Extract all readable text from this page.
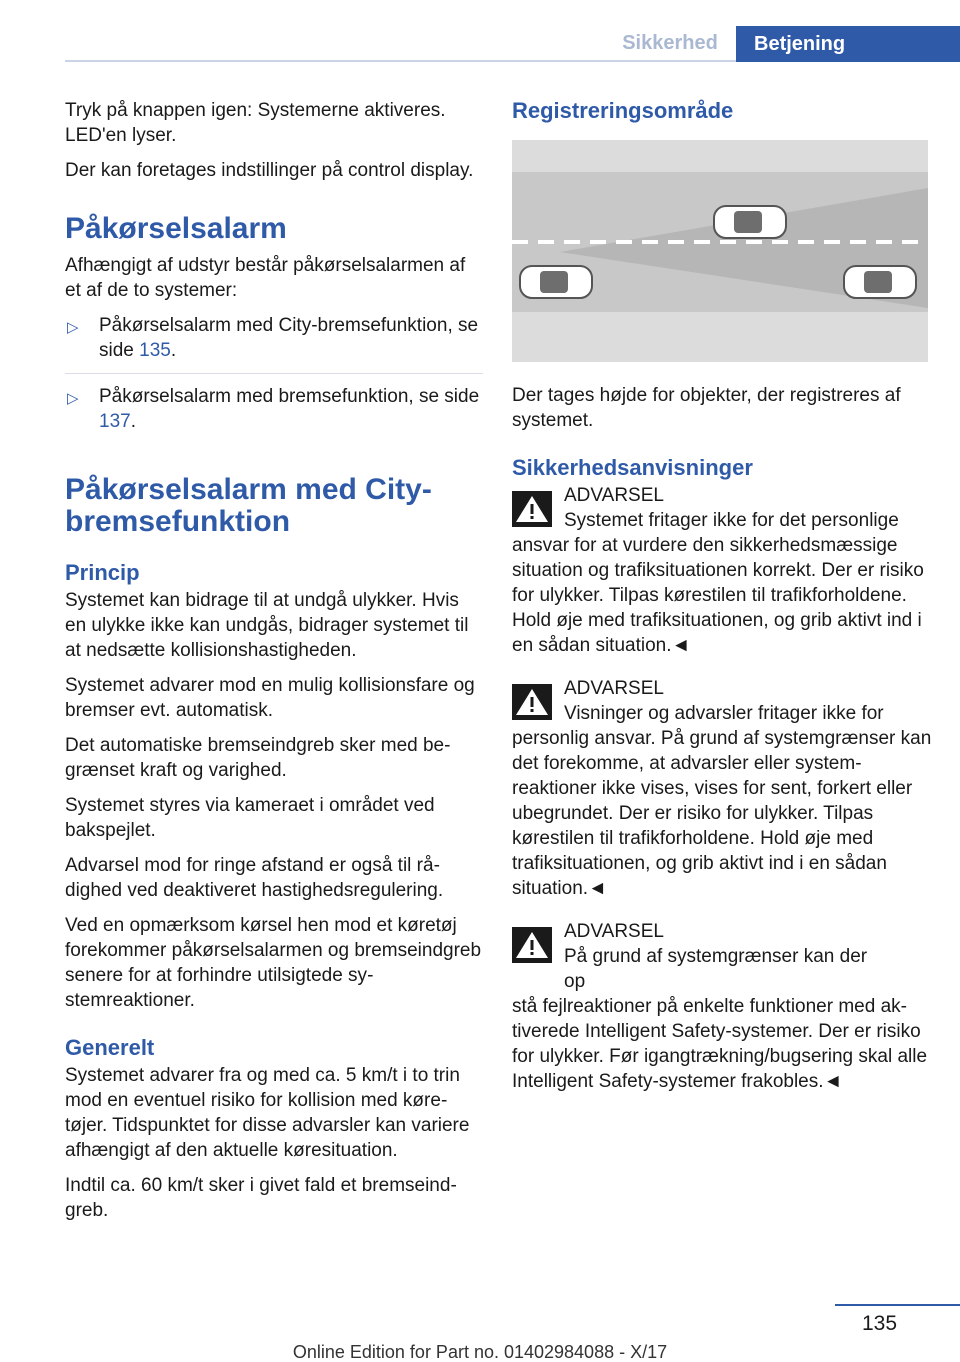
Sikkerhed	Betjening

Tryk på knappen igen: Systemerne aktiveres. LED'en lyser.

Der kan foretages indstillinger på control display.

Påkørselsalarm

Afhængigt af udstyr består påkørselsalarmen af et af de to systemer:

▷ Påkørselsalarm med City-bremsefunktion, se side 135.
▷ Påkørselsalarm med bremsefunktion, se side 137.
Påkørselsalarm med City-bremsefunktion
Princip

Systemet kan bidrage til at undgå ulykker. Hvis en ulykke ikke kan undgås, bidrager systemet til at nedsætte kollisionshastigheden.

Systemet advarer mod en mulig kollisionsfare og bremser evt. automatisk.

Det automatiske bremseindgreb sker med begrænset kraft og varighed.

Systemet styres via kameraet i området ved bakspejlet.

Advarsel mod for ringe afstand er også til rådighed ved deaktiveret hastighedsregulering.

Ved en opmærksom kørsel hen mod et køretøj forekommer påkørselsalarmen og bremseindgreb senere for at forhindre utilsigtede systemreaktioner.

Generelt

Systemet advarer fra og med ca. 5 km/t i to trin mod en eventuel risiko for kollision med køretøjer. Tidspunktet for disse advarsler kan variere afhængigt af den aktuelle køresituation.

Indtil ca. 60 km/t sker i givet fald et bremseindgreb.

Registreringsområde

Der tages højde for objekter, der registreres af systemet.

Sikkerhedsanvisninger
ADVARSEL
Systemet fritager ikke for det personlige
ansvar for at vurdere den sikkerhedsmæssige situation og trafiksituationen korrekt. Der er risiko for ulykker. Tilpas kørestilen til trafikforholdene. Hold øje med trafiksituationen, og grib aktivt ind i en sådan situation.◄
ADVARSEL
Visninger og advarsler fritager ikke for
personlig ansvar. På grund af systemgrænser kan det forekomme, at advarsler eller systemreaktioner ikke vises, vises for sent, forkert eller ubegrundet. Der er risiko for ulykker. Tilpas kørestilen til trafikforholdene. Hold øje med trafiksituationen, og grib aktivt ind i en sådan situation.◄
ADVARSEL
På grund af systemgrænser kan der op
stå fejlreaktioner på enkelte funktioner med aktiverede Intelligent Safety-systemer. Der er risiko for ulykker. Før igangtrækning/bugsering skal alle Intelligent Safety-systemer frakobles.◄
135
Online Edition for Part no. 01402984088 - X/17
